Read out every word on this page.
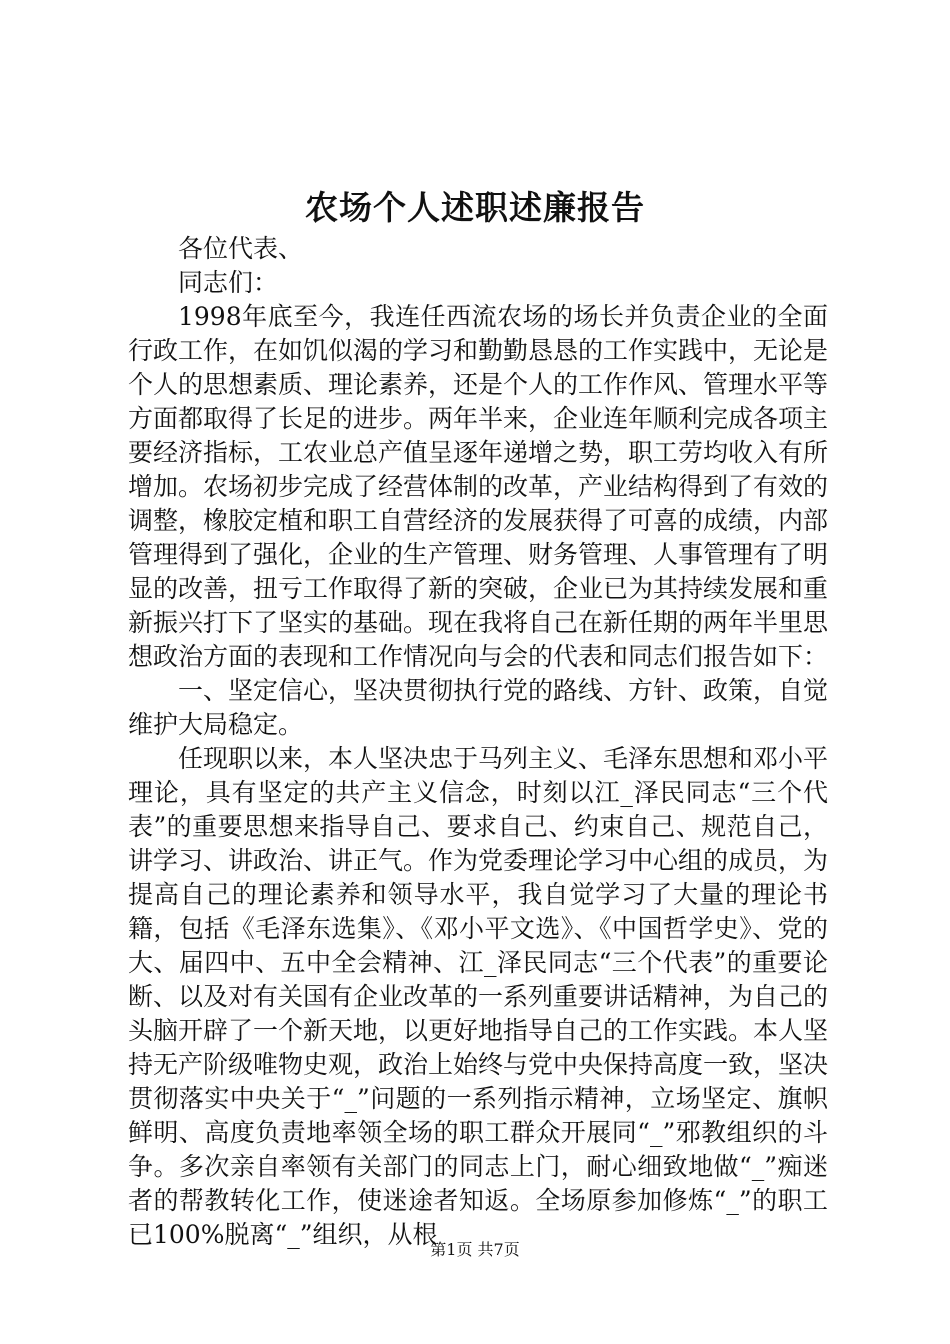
农场个人述职述廉报告

各位代表、

同志们：

1998年底至今，我连任西流农场的场长并负责企业的全面行政工作，在如饥似渴的学习和勤勤恳恳的工作实践中，无论是个人的思想素质、理论素养，还是个人的工作作风、管理水平等方面都取得了长足的进步。两年半来，企业连年顺利完成各项主要经济指标，工农业总产值呈逐年递增之势，职工劳均收入有所增加。农场初步完成了经营体制的改革，产业结构得到了有效的调整，橡胶定植和职工自营经济的发展获得了可喜的成绩，内部管理得到了强化，企业的生产管理、财务管理、人事管理有了明显的改善，扭亏工作取得了新的突破，企业已为其持续发展和重新振兴打下了坚实的基础。现在我将自己在新任期的两年半里思想政治方面的表现和工作情况向与会的代表和同志们报告如下：

一、坚定信心，坚决贯彻执行党的路线、方针、政策，自觉维护大局稳定。

任现职以来，本人坚决忠于马列主义、毛泽东思想和邓小平理论，具有坚定的共产主义信念，时刻以江_泽民同志“三个代表”的重要思想来指导自己、要求自己、约束自己、规范自己，讲学习、讲政治、讲正气。作为党委理论学习中心组的成员，为提高自己的理论素养和领导水平，我自觉学习了大量的理论书籍，包括《毛泽东选集》、《邓小平文选》、《中国哲学史》、党的大、届四中、五中全会精神、江_泽民同志“三个代表”的重要论断、以及对有关国有企业改革的一系列重要讲话精神，为自己的头脑开辟了一个新天地，以更好地指导自己的工作实践。本人坚持无产阶级唯物史观，政治上始终与党中央保持高度一致，坚决贯彻落实中央关于“_”问题的一系列指示精神，立场坚定、旗帜鲜明、高度负责地率领全场的职工群众开展同“_”邪教组织的斗争。多次亲自率领有关部门的同志上门，耐心细致地做“_”痴迷者的帮教转化工作，使迷途者知返。全场原参加修炼“_”的职工已100%脱离“_”组织，从根

第1页 共7页
